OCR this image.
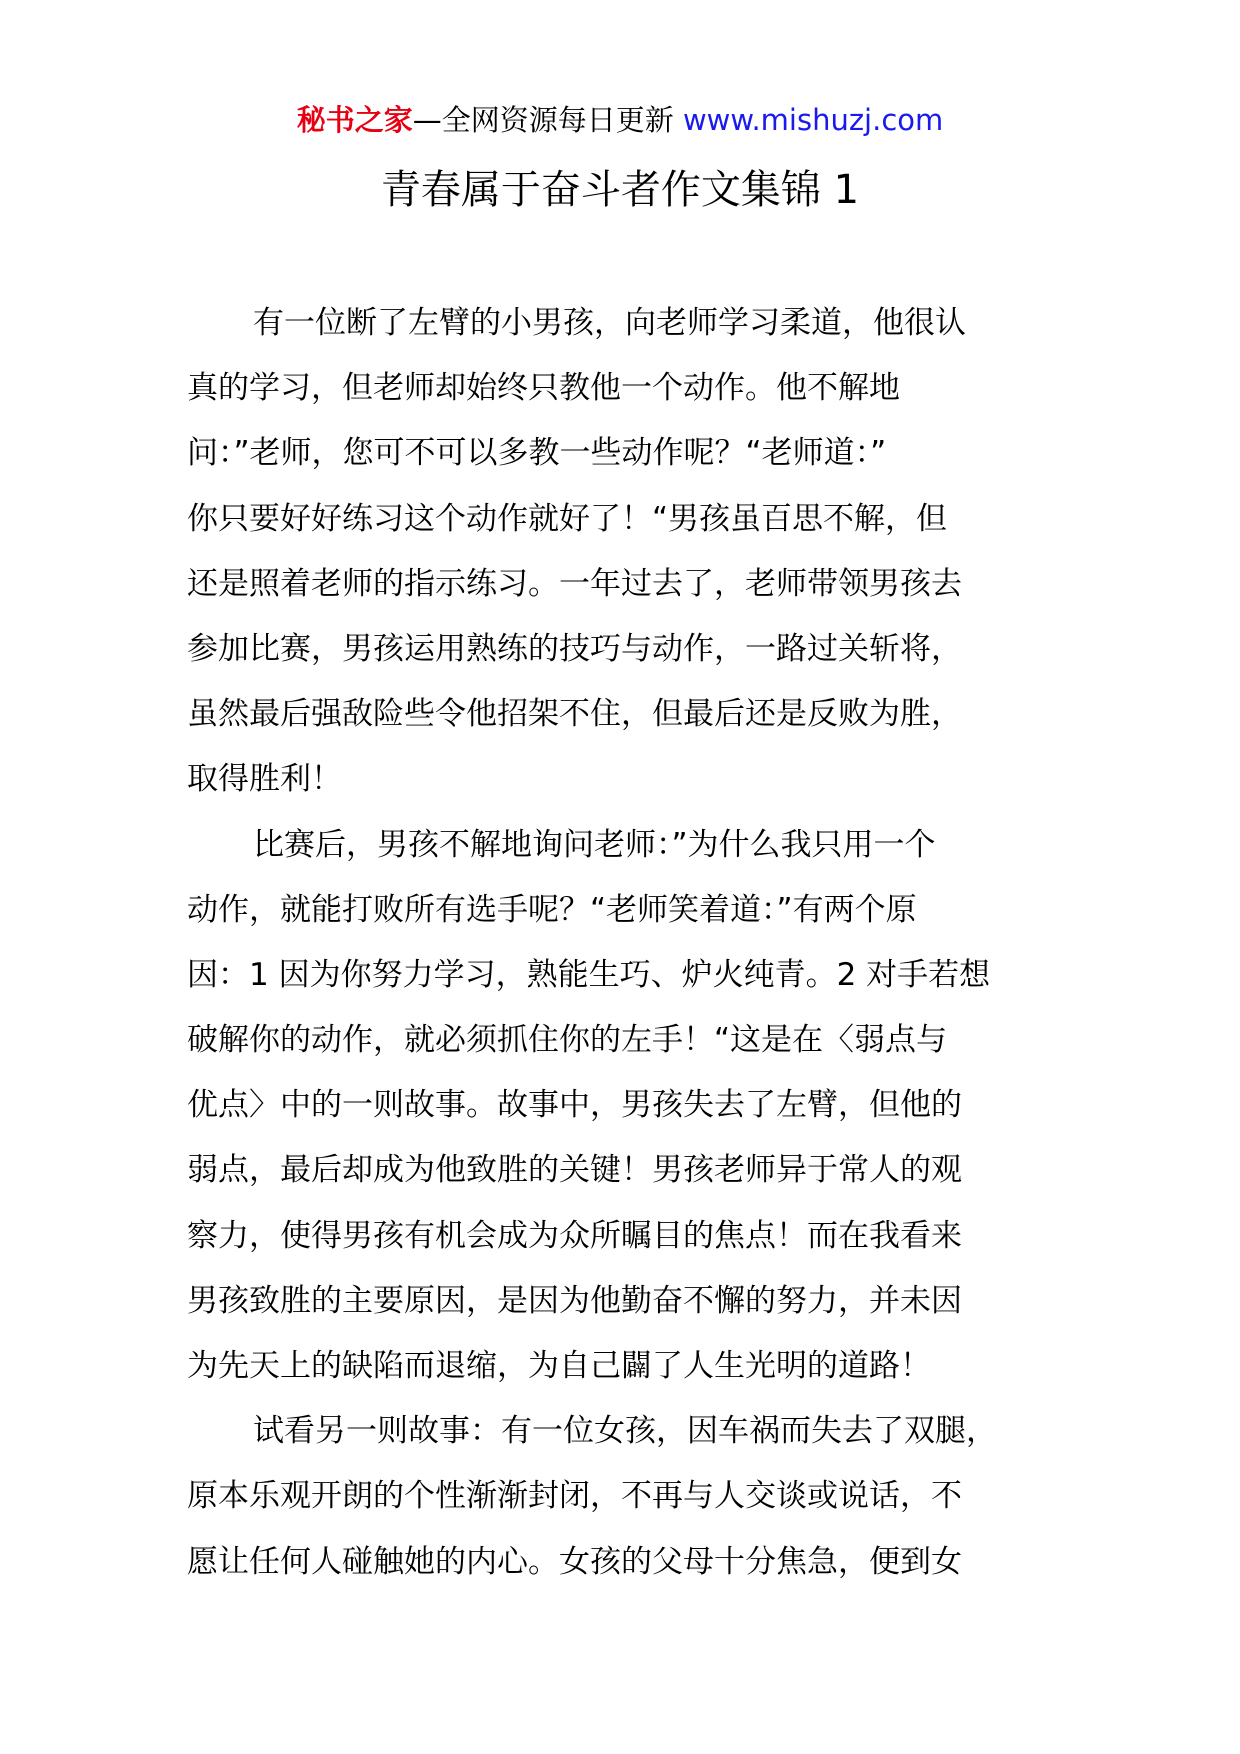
秘书之家—全网资源每日更新 www.mishuzj.com
青春属于奋斗者作文集锦 1
有一位断了左臂的小男孩，向老师学习柔道，他很认
真的学习，但老师却始终只教他一个动作。他不解地
问：”老师，您可不可以多教一些动作呢？“老师道：”
你只要好好练习这个动作就好了！“男孩虽百思不解，但
还是照着老师的指示练习。一年过去了，老师带领男孩去
参加比赛，男孩运用熟练的技巧与动作，一路过关斩将，
虽然最后强敌险些令他招架不住，但最后还是反败为胜，
取得胜利！
比赛后，男孩不解地询问老师：”为什么我只用一个
动作，就能打败所有选手呢？“老师笑着道：”有两个原
因：1 因为你努力学习，熟能生巧、炉火纯青。2 对手若想
破解你的动作，就必须抓住你的左手！“这是在〈弱点与
优点〉中的一则故事。故事中，男孩失去了左臂，但他的
弱点，最后却成为他致胜的关键！男孩老师异于常人的观
察力，使得男孩有机会成为众所瞩目的焦点！而在我看来
男孩致胜的主要原因，是因为他勤奋不懈的努力，并未因
为先天上的缺陷而退缩，为自己闢了人生光明的道路！
试看另一则故事：有一位女孩，因车祸而失去了双腿，
原本乐观开朗的个性渐渐封闭，不再与人交谈或说话，不
愿让任何人碰触她的内心。女孩的父母十分焦急，便到女
